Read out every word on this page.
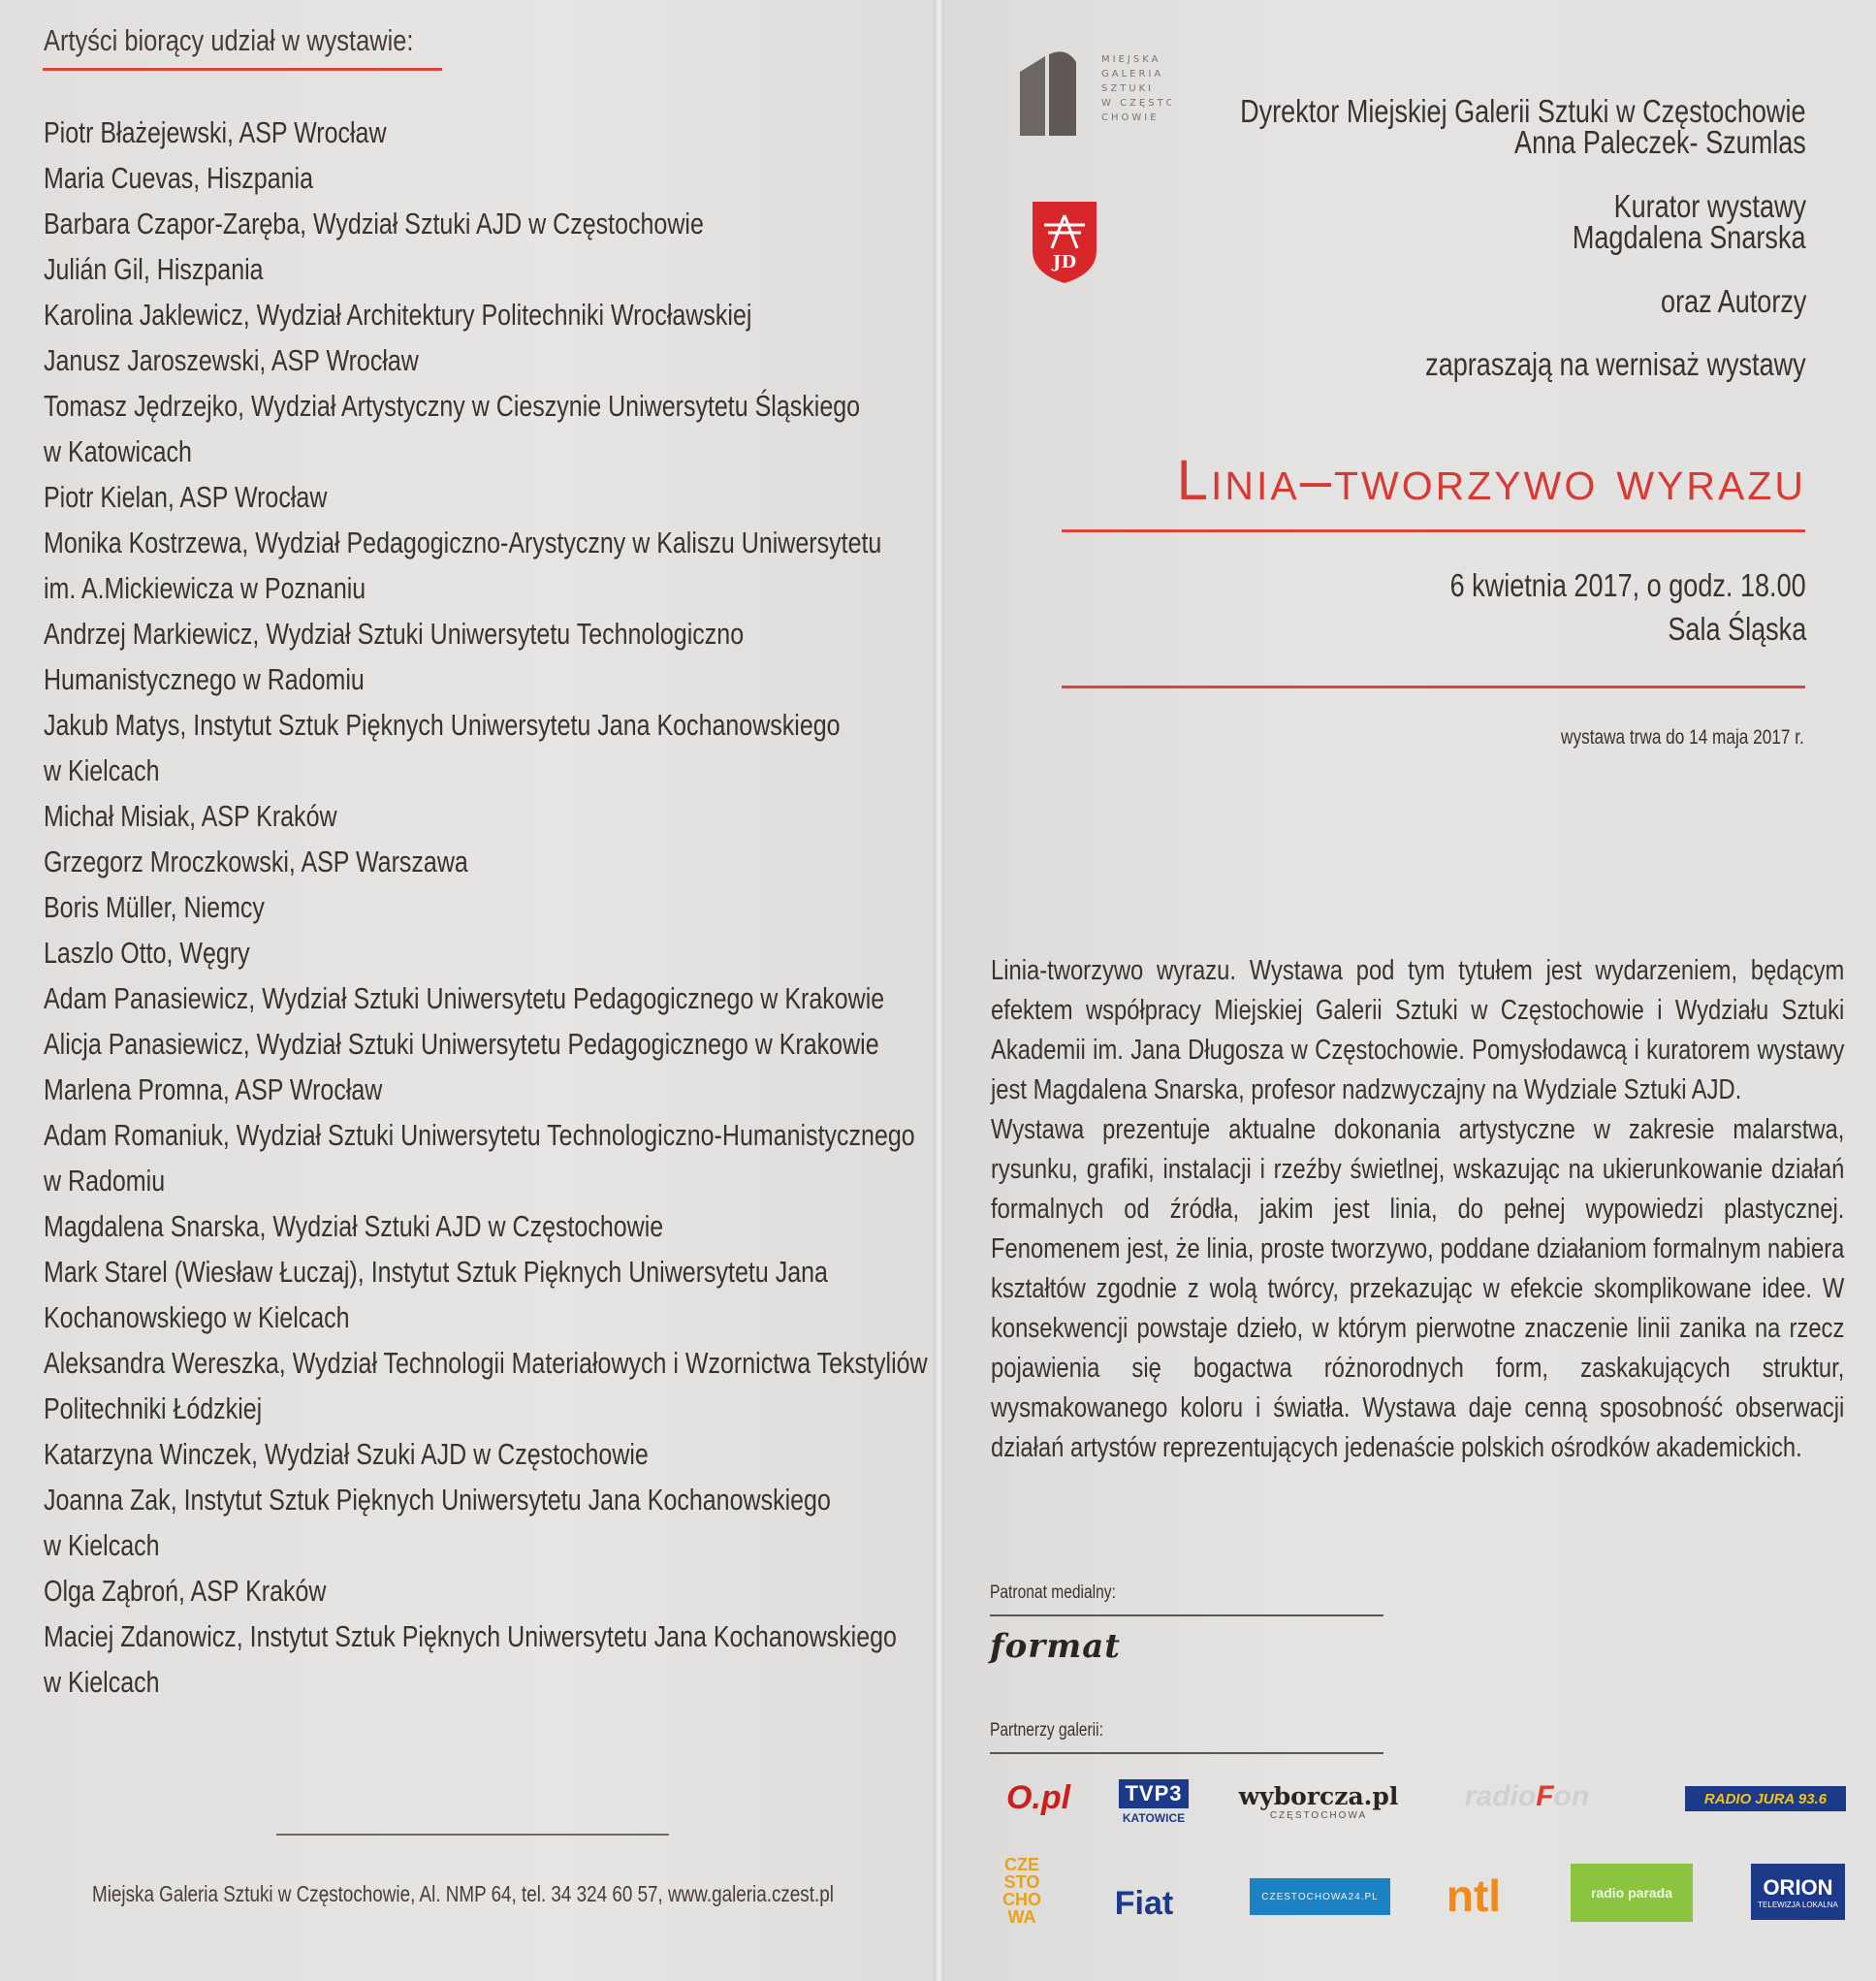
Artyści biorący udział w wystawie:
Piotr Błażejewski, ASP Wrocław
Maria Cuevas, Hiszpania
Barbara Czapor-Zaręba, Wydział Sztuki AJD w Częstochowie
Julián Gil, Hiszpania
Karolina Jaklewicz, Wydział Architektury Politechniki Wrocławskiej
Janusz Jaroszewski, ASP Wrocław
Tomasz Jędrzejko, Wydział Artystyczny w Cieszynie Uniwersytetu Śląskiego
w Katowicach
Piotr Kielan, ASP Wrocław
Monika Kostrzewa, Wydział Pedagogiczno-Arystyczny w Kaliszu Uniwersytetu
im. A.Mickiewicza w Poznaniu
Andrzej Markiewicz, Wydział Sztuki Uniwersytetu Technologiczno
Humanistycznego w Radomiu
Jakub Matys, Instytut Sztuk Pięknych Uniwersytetu Jana Kochanowskiego
w Kielcach
Michał Misiak, ASP Kraków
Grzegorz Mroczkowski, ASP Warszawa
Boris Müller, Niemcy
Laszlo Otto, Węgry
Adam Panasiewicz, Wydział Sztuki Uniwersytetu Pedagogicznego w Krakowie
Alicja Panasiewicz, Wydział Sztuki Uniwersytetu Pedagogicznego w Krakowie
Marlena Promna, ASP Wrocław
Adam Romaniuk, Wydział Sztuki Uniwersytetu Technologiczno-Humanistycznego
w Radomiu
Magdalena Snarska, Wydział Sztuki AJD w Częstochowie
Mark Starel (Wiesław Łuczaj), Instytut Sztuk Pięknych Uniwersytetu Jana
Kochanowskiego w Kielcach
Aleksandra Wereszka, Wydział Technologii Materiałowych i Wzornictwa Tekstyliów
Politechniki Łódzkiej
Katarzyna Winczek, Wydział Szuki AJD w Częstochowie
Joanna Zak, Instytut Sztuk Pięknych Uniwersytetu Jana Kochanowskiego
w Kielcach
Olga Ząbroń, ASP Kraków
Maciej Zdanowicz, Instytut Sztuk Pięknych Uniwersytetu Jana Kochanowskiego
w Kielcach
Miejska Galeria Sztuki w Częstochowie, Al. NMP 64, tel. 34 324 60 57, www.galeria.czest.pl
MIEJSKA
GALERIA
SZTUKI
W CZĘSTO
CHOWIE
JD
Dyrektor Miejskiej Galerii Sztuki w Częstochowie
Anna Paleczek- Szumlas
Kurator wystawy
Magdalena Snarska
oraz Autorzy
zapraszają na wernisaż wystawy
Linia–tworzywo wyrazu
6 kwietnia 2017, o godz. 18.00
Sala Śląska
wystawa trwa do 14 maja 2017 r.

Linia-tworzywo wyrazu. Wystawa pod tym tytułem jest wydarzeniem, będącym efektem współpracy Miejskiej Galerii Sztuki w Częstochowie i Wydziału Sztuki Akademii im. Jana Długosza w Częstochowie. Pomysłodawcą i kuratorem wystawy jest Magdalena Snarska, profesor nadzwyczajny na Wydziale Sztuki AJD.

Wystawa prezentuje aktualne dokonania artystyczne w zakresie malarstwa, rysunku, grafiki, instalacji i rzeźby świetlnej, wskazując na ukierunkowanie działań formalnych od źródła, jakim jest linia, do pełnej wypowiedzi plastycznej. Fenomenem jest, że linia, proste tworzywo, poddane działaniom formalnym nabiera kształtów zgodnie z wolą twórcy, przekazując w efekcie skomplikowane idee. W konsekwencji powstaje dzieło, w którym pierwotne znaczenie linii zanika na rzecz pojawienia się bogactwa różnorodnych form, zaskakujących struktur, wysmakowanego koloru i światła. Wystawa daje cenną sposobność obserwacji działań artystów reprezentujących jedenaście polskich ośrodków akademickich.

Patronat medialny:
format
Partnerzy galerii:
O.pl	TVP3
KATOWICE
wyborcza.pl
CZĘSTOCHOWA
radio F on	RADIO JURA 93.6
CZE
STO
CHO
WA Fiat	CZESTOCHOWA24.PL ntl	radio parada	ORION
TELEWIZJA LOKALNA
